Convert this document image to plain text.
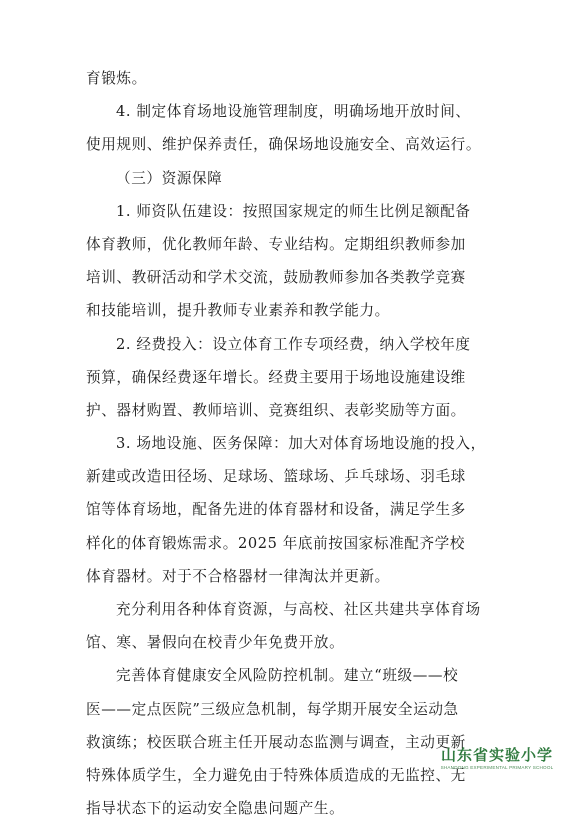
育锻炼。
4. 制定体育场地设施管理制度，明确场地开放时间、
使用规则、维护保养责任，确保场地设施安全、高效运行。
（三）资源保障
1. 师资队伍建设：按照国家规定的师生比例足额配备
体育教师，优化教师年龄、专业结构。定期组织教师参加
培训、教研活动和学术交流，鼓励教师参加各类教学竞赛
和技能培训，提升教师专业素养和教学能力。
2. 经费投入：设立体育工作专项经费，纳入学校年度
预算，确保经费逐年增长。经费主要用于场地设施建设维
护、器材购置、教师培训、竞赛组织、表彰奖励等方面。
3. 场地设施、医务保障：加大对体育场地设施的投入，
新建或改造田径场、足球场、篮球场、乒乓球场、羽毛球
馆等体育场地，配备先进的体育器材和设备，满足学生多
样化的体育锻炼需求。2025 年底前按国家标准配齐学校
体育器材。对于不合格器材一律淘汰并更新。
充分利用各种体育资源，与高校、社区共建共享体育场
馆、寒、暑假向在校青少年免费开放。
完善体育健康安全风险防控机制。建立“班级——校
医——定点医院”三级应急机制，每学期开展安全运动急
救演练；校医联合班主任开展动态监测与调查，主动更新
特殊体质学生，全力避免由于特殊体质造成的无监控、无
指导状态下的运动安全隐患问题产生。
山东省实验小学
SHANDONG EXPERIMENTAL PRIMARY SCHOOL
